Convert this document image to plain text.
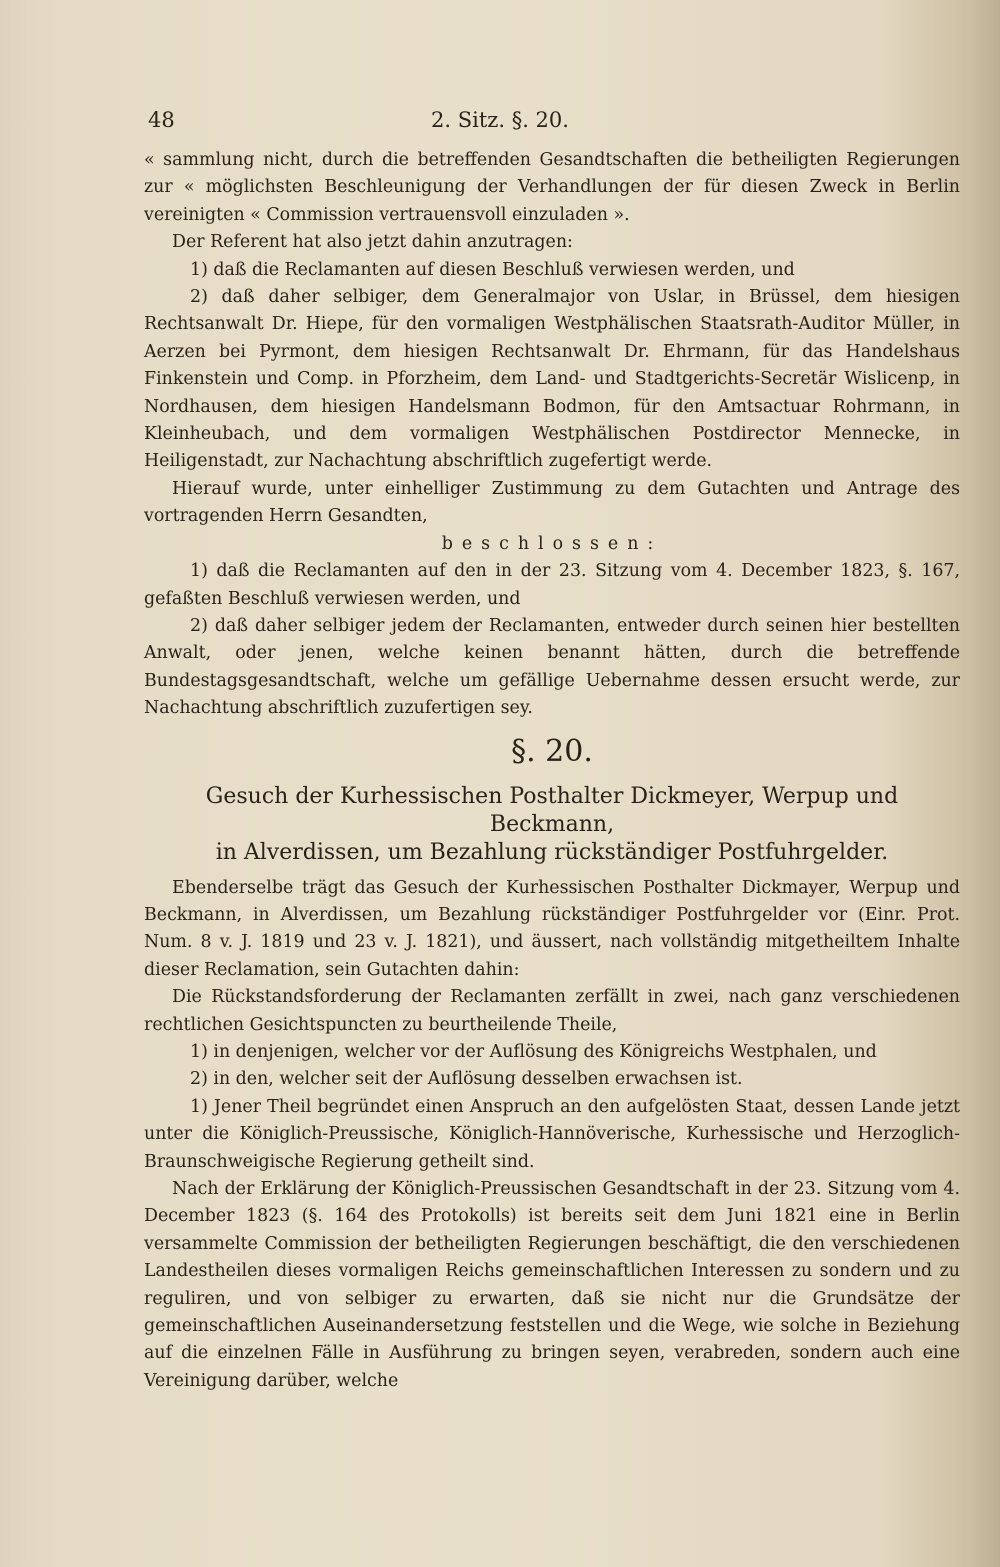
48	2. Sitz. §. 20.

« sammlung nicht, durch die betreffenden Gesandtschaften die betheiligten Regierungen zur « möglichsten Beschleunigung der Verhandlungen der für diesen Zweck in Berlin vereinigten « Commission vertrauensvoll einzuladen ».

Der Referent hat also jetzt dahin anzutragen:

1) daß die Reclamanten auf diesen Beschluß verwiesen werden, und

2) daß daher selbiger, dem Generalmajor von Uslar, in Brüssel, dem hiesigen Rechtsanwalt Dr. Hiepe, für den vormaligen Westphälischen Staatsrath-Auditor Müller, in Aerzen bei Pyrmont, dem hiesigen Rechtsanwalt Dr. Ehrmann, für das Handelshaus Finkenstein und Comp. in Pforzheim, dem Land- und Stadtgerichts-Secretär Wislicenp, in Nordhausen, dem hiesigen Handelsmann Bodmon, für den Amtsactuar Rohrmann, in Kleinheubach, und dem vormaligen Westphälischen Postdirector Mennecke, in Heiligenstadt, zur Nachachtung abschriftlich zugefertigt werde.

Hierauf wurde, unter einhelliger Zustimmung zu dem Gutachten und Antrage des vortragenden Herrn Gesandten,

beschlossen:

1) daß die Reclamanten auf den in der 23. Sitzung vom 4. December 1823, §. 167, gefaßten Beschluß verwiesen werden, und

2) daß daher selbiger jedem der Reclamanten, entweder durch seinen hier bestellten Anwalt, oder jenen, welche keinen benannt hätten, durch die betreffende Bundestagsgesandtschaft, welche um gefällige Uebernahme dessen ersucht werde, zur Nachachtung abschriftlich zuzufertigen sey.

§. 20.
Gesuch der Kurhessischen Posthalter Dickmeyer, Werpup und Beckmann,
in Alverdissen, um Bezahlung rückständiger Postfuhrgelder.

Ebenderselbe trägt das Gesuch der Kurhessischen Posthalter Dickmayer, Werpup und Beckmann, in Alverdissen, um Bezahlung rückständiger Postfuhrgelder vor (Einr. Prot. Num. 8 v. J. 1819 und 23 v. J. 1821), und äussert, nach vollständig mitgetheiltem Inhalte dieser Reclamation, sein Gutachten dahin:

Die Rückstandsforderung der Reclamanten zerfällt in zwei, nach ganz verschiedenen rechtlichen Gesichtspuncten zu beurtheilende Theile,

1) in denjenigen, welcher vor der Auflösung des Königreichs Westphalen, und

2) in den, welcher seit der Auflösung desselben erwachsen ist.

1) Jener Theil begründet einen Anspruch an den aufgelösten Staat, dessen Lande jetzt unter die Königlich-Preussische, Königlich-Hannöverische, Kurhessische und Herzoglich-Braunschweigische Regierung getheilt sind.

Nach der Erklärung der Königlich-Preussischen Gesandtschaft in der 23. Sitzung vom 4. December 1823 (§. 164 des Protokolls) ist bereits seit dem Juni 1821 eine in Berlin versammelte Commission der betheiligten Regierungen beschäftigt, die den verschiedenen Landestheilen dieses vormaligen Reichs gemeinschaftlichen Interessen zu sondern und zu reguliren, und von selbiger zu erwarten, daß sie nicht nur die Grundsätze der gemeinschaftlichen Auseinandersetzung feststellen und die Wege, wie solche in Beziehung auf die einzelnen Fälle in Ausführung zu bringen seyen, verabreden, sondern auch eine Vereinigung darüber, welche
